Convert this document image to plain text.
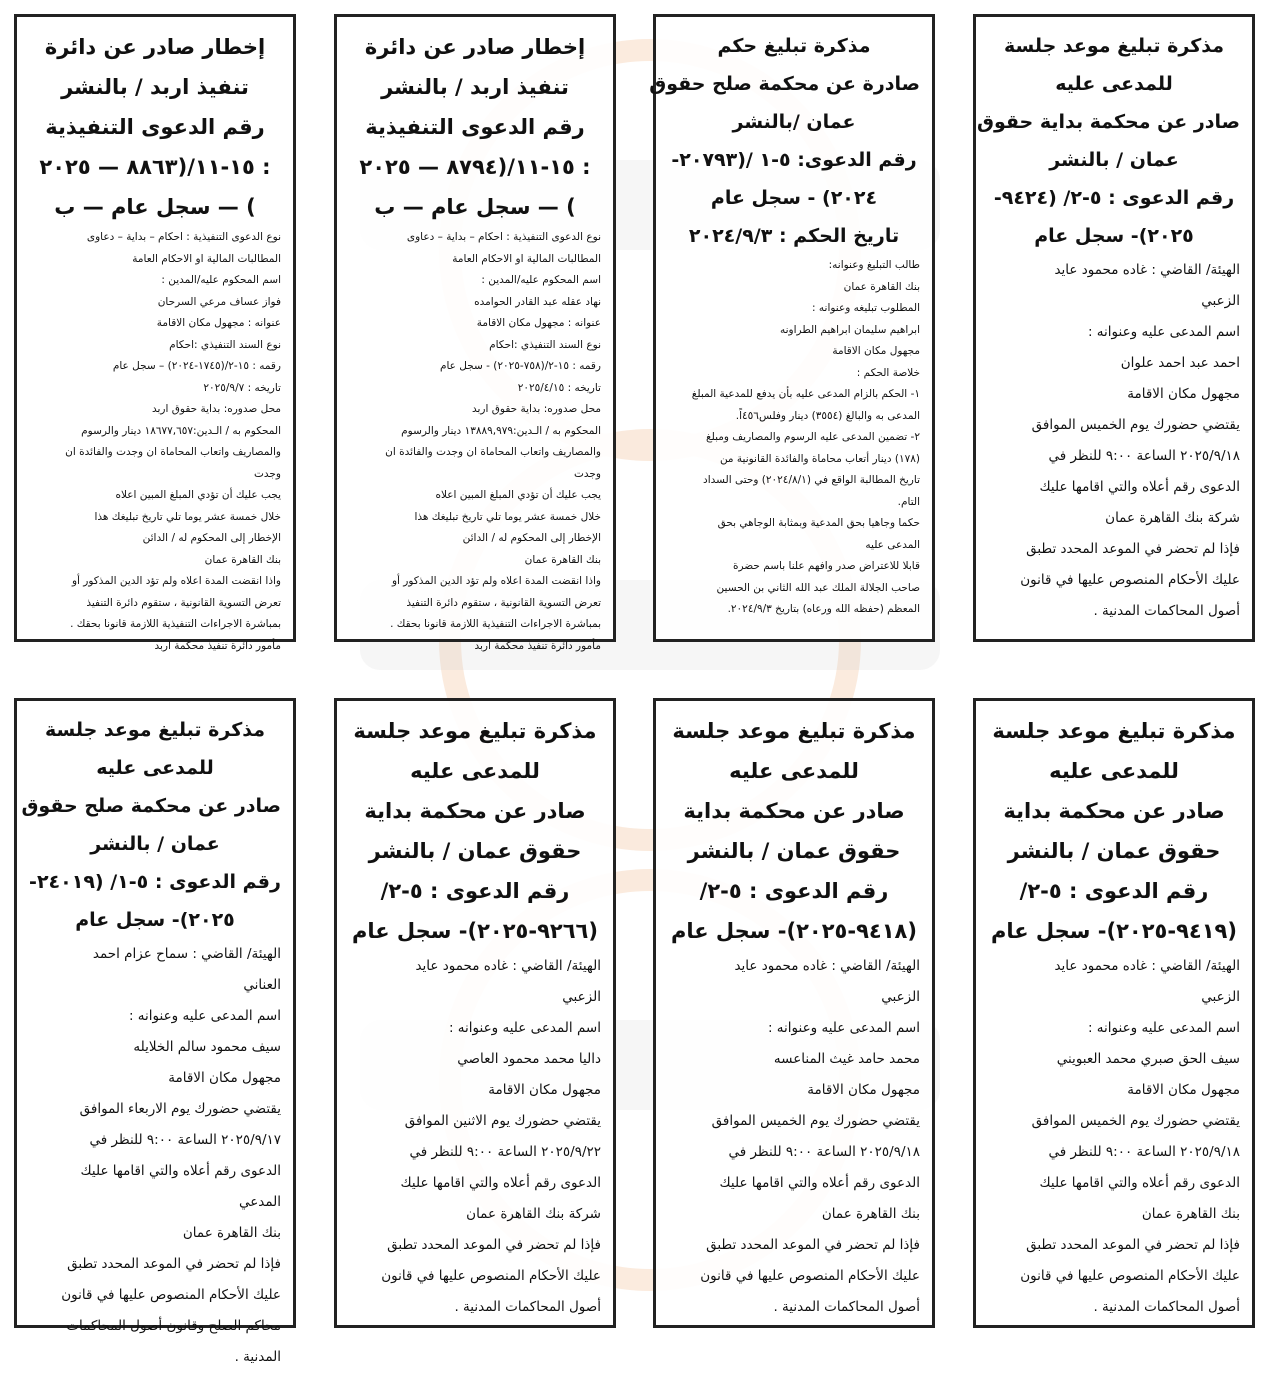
مذكرة تبليغ موعد جلسة

للمدعى عليه

صادر عن محكمة بداية حقوق

عمان / بالنشر

رقم الدعوى : ٥-٢/ (٩٤٢٤-

٢٠٢٥)- سجل عام

الهيئة/ القاضي : غاده محمود عايد

الزعبي

اسم المدعى عليه وعنوانه :

احمد عبد احمد علوان

مجهول مكان الاقامة

يقتضي حضورك يوم الخميس الموافق

٢٠٢٥/٩/١٨ الساعة ٩:٠٠ للنظر في

الدعوى رقم أعلاه والتي اقامها عليك

شركة بنك القاهرة عمان

فإذا لم تحضر في الموعد المحدد تطبق

عليك الأحكام المنصوص عليها في قانون

أصول المحاكمات المدنية .

مذكرة تبليغ حكم

صادرة عن محكمة صلح حقوق

عمان /بالنشر

رقم الدعوى: ٥-١ /(٢٠٧٩٣-

٢٠٢٤) - سجل عام

تاريخ الحكم : ٢٠٢٤/٩/٣

طالب التبليغ وعنوانه:

بنك القاهرة عمان

المطلوب تبليغه وعنوانه :

ابراهيم سليمان ابراهيم الطراونه

مجهول مكان الاقامة

خلاصة الحكم :

١- الحكم بالزام المدعى عليه بأن يدفع للمدعية المبلغ

المدعى به والبالغ (٣٥٥٤) دينار وفلس٤٥٦اً.

٢- تضمين المدعى عليه الرسوم والمصاريف ومبلغ

(١٧٨) دينار أتعاب محاماة والفائدة القانونية من

تاريخ المطالبة الواقع في (٢٠٢٤/٨/١) وحتى السداد

التام.

حكما وجاهيا بحق المدعية وبمثابة الوجاهي بحق

المدعى عليه

قابلا للاعتراض صدر وافهم علنا باسم حضرة

صاحب الجلالة الملك عبد الله الثاني بن الحسين

المعظم (حفظه الله ورعاه) بتاريخ ٢٠٢٤/٩/٣.

إخطار صادر عن دائرة

تنفيذ اربد / بالنشر

رقم الدعوى التنفيذية

: ١٥-١١/(٨٧٩٤ — ٢٠٢٥

) — سجل عام — ب

نوع الدعوى التنفيذية : احكام – بداية – دعاوى

المطالبات المالية او الاحكام العامة

اسم المحكوم عليه/المدين :

نهاد عقله عبد القادر الحوامده

عنوانه : مجهول مكان الاقامة

نوع السند التنفيذي :احكام

رقمه : ١٥-٢/(٧٥٨-٢٠٢٥) - سجل عام

تاريخه : ٢٠٢٥/٤/١٥

محل صدوره: بداية حقوق اربد

المحكوم به / الـدين:١٣٨٨٩,٩٧٩ دينار والرسوم

والمصاريف واتعاب المحاماة ان وجدت والفائدة ان

وجدت

يجب عليك أن تؤدي المبلغ المبين اعلاه

خلال خمسة عشر يوما تلي تاريخ تبليغك هذا

الإخطار إلى المحكوم له / الدائن

بنك القاهرة عمان

واذا انقضت المدة اعلاه ولم تؤد الدين المذكور أو

تعرض التسوية القانونية ، ستقوم دائرة التنفيذ

بمباشرة الاجراءات التنفيذية اللازمة قانونا بحقك .

مأمور دائرة تنفيذ محكمة اربد

إخطار صادر عن دائرة

تنفيذ اربد / بالنشر

رقم الدعوى التنفيذية

: ١٥-١١/(٨٨٦٣ — ٢٠٢٥

) — سجل عام — ب

نوع الدعوى التنفيذية : احكام – بداية – دعاوى

المطالبات المالية او الاحكام العامة

اسم المحكوم عليه/المدين :

فواز عساف مرعي السرحان

عنوانه : مجهول مكان الاقامة

نوع السند التنفيذي :احكام

رقمه : ١٥-٢/(١٧٤٥-٢٠٢٤) – سجل عام

تاريخه : ٢٠٢٥/٩/٧

محل صدوره: بداية حقوق اربد

المحكوم به / الـدين:١٨٦٧٧,٦٥٧ دينار والرسوم

والمصاريف واتعاب المحاماة ان وجدت والفائدة ان

وجدت

يجب عليك أن تؤدي المبلغ المبين اعلاه

خلال خمسة عشر يوما تلي تاريخ تبليغك هذا

الإخطار إلى المحكوم له / الدائن

بنك القاهرة عمان

واذا انقضت المدة اعلاه ولم تؤد الدين المذكور أو

تعرض التسوية القانونية ، ستقوم دائرة التنفيذ

بمباشرة الاجراءات التنفيذية اللازمة قانونا بحقك .

مأمور دائرة تنفيذ محكمة اربد

مذكرة تبليغ موعد جلسة

للمدعى عليه

صادر عن محكمة بداية

حقوق عمان / بالنشر

رقم الدعوى : ٥-٢/

(٩٤١٩-٢٠٢٥)- سجل عام

الهيئة/ القاضي : غاده محمود عايد

الزعبي

اسم المدعى عليه وعنوانه :

سيف الحق صبري محمد العبويني

مجهول مكان الاقامة

يقتضي حضورك يوم الخميس الموافق

٢٠٢٥/٩/١٨ الساعة ٩:٠٠ للنظر في

الدعوى رقم أعلاه والتي اقامها عليك

بنك القاهرة عمان

فإذا لم تحضر في الموعد المحدد تطبق

عليك الأحكام المنصوص عليها في قانون

أصول المحاكمات المدنية .

مذكرة تبليغ موعد جلسة

للمدعى عليه

صادر عن محكمة بداية

حقوق عمان / بالنشر

رقم الدعوى : ٥-٢/

(٩٤١٨-٢٠٢٥)- سجل عام

الهيئة/ القاضي : غاده محمود عايد

الزعبي

اسم المدعى عليه وعنوانه :

محمد حامد غيث المناعسه

مجهول مكان الاقامة

يقتضي حضورك يوم الخميس الموافق

٢٠٢٥/٩/١٨ الساعة ٩:٠٠ للنظر في

الدعوى رقم أعلاه والتي اقامها عليك

بنك القاهرة عمان

فإذا لم تحضر في الموعد المحدد تطبق

عليك الأحكام المنصوص عليها في قانون

أصول المحاكمات المدنية .

مذكرة تبليغ موعد جلسة

للمدعى عليه

صادر عن محكمة بداية

حقوق عمان / بالنشر

رقم الدعوى : ٥-٢/

(٩٢٦٦-٢٠٢٥)- سجل عام

الهيئة/ القاضي : غاده محمود عايد

الزعبي

اسم المدعى عليه وعنوانه :

داليا محمد محمود العاصي

مجهول مكان الاقامة

يقتضي حضورك يوم الاثنين الموافق

٢٠٢٥/٩/٢٢ الساعة ٩:٠٠ للنظر في

الدعوى رقم أعلاه والتي اقامها عليك

شركة بنك القاهرة عمان

فإذا لم تحضر في الموعد المحدد تطبق

عليك الأحكام المنصوص عليها في قانون

أصول المحاكمات المدنية .

مذكرة تبليغ موعد جلسة

للمدعى عليه

صادر عن محكمة صلح حقوق

عمان / بالنشر

رقم الدعوى : ٥-١/ (٢٤٠١٩-

٢٠٢٥)- سجل عام

الهيئة/ القاضي : سماح عزام احمد

العناني

اسم المدعى عليه وعنوانه :

سيف محمود سالم الخلايله

مجهول مكان الاقامة

يقتضي حضورك يوم الاربعاء الموافق

٢٠٢٥/٩/١٧ الساعة ٩:٠٠ للنظر في

الدعوى رقم أعلاه والتي اقامها عليك

المدعي

بنك القاهرة عمان

فإذا لم تحضر في الموعد المحدد تطبق

عليك الأحكام المنصوص عليها في قانون

محاكم الصلح وقانون أصول المحاكمات

المدنية .
